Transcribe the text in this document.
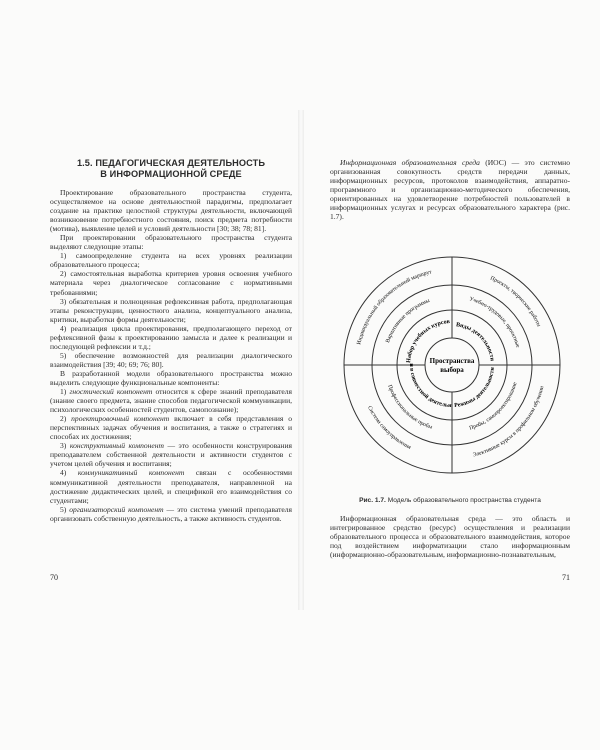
1.5. ПЕДАГОГИЧЕСКАЯ ДЕЯТЕЛЬНОСТЬ
В ИНФОРМАЦИОННОЙ СРЕДЕ

Проектирование образовательного пространства студента, осуществляемое на основе деятельностной парадигмы, предполагает создание на практике целостной структуры деятельности, включающей возникновение потребностного состояния, поиск предмета потребности (мотива), выявление целей и условий деятельности [30; 38; 78; 81].

При проектировании образовательного пространства студента выделяют следующие этапы:

1) самоопределение студента на всех уровнях реализации образовательного процесса;

2) самостоятельная выработка критериев уровня освоения учебного материала через диалогическое согласование с нормативными требованиями;

3) обязательная и полноценная рефлексивная работа, предполагающая этапы реконструкции, ценностного анализа, концептуального анализа, критики, выработки формы деятельности;

4) реализация цикла проектирования, предполагающего переход от рефлексивной фазы к проектированию замысла и далее к реализации и последующей рефлексии и т.д.;

5) обеспечение возможностей для реализации диалогического взаимодействия [39; 40; 69; 76; 80].

В разработанной модели образовательного пространства можно выделить следующие функциональные компоненты:

1) гностический компонент относится к сфере знаний преподавателя (знание своего предмета, знание способов педагогической коммуникации, психологических особенностей студентов, самопознание);

2) проектировочный компонент включает в себя представления о перспективных задачах обучения и воспитания, а также о стратегиях и способах их достижения;

3) конструктивный компонент — это особенности конструирования преподавателем собственной деятельности и активности студентов с учетом целей обучения и воспитания;

4) коммуникативный компонент связан с особенностями коммуникативной деятельности преподавателя, направленной на достижение дидактических целей, и спецификой его взаимодействия со студентами;

5) организаторский компонент — это система умений преподавателя организовать собственную деятельность, а также активность студентов.

70

Информационная образовательная среда (ИОС) — это системно организованная совокупность средств передачи данных, информационных ресурсов, протоколов взаимодействия, аппаратно-программного и организационно-методического обеспечения, ориентированных на удовлетворение потребностей пользователей в информационных услугах и ресурсах образовательного характера (рис. 1.7).

Пространства
выбора
Набор учебных курсов
Виды деятельности
и в совместной деятельн Режимы деятельности
Вариативные программы	Учебно-трудовые, проектные
Профессиональные пробы	Пробы, самопроектирование
Индивидуальный образовательный маршрут
Проекты, творческие работы
Система самоуправления
Элективные курсы в профильном обучении
Рис. 1.7. Модель образовательного пространства студента

Информационная образовательная среда — это область и интегрированное средство (ресурс) осуществления и реализации образовательного процесса и образовательного взаимодействия, которое под воздействием информатизации стало информационным (информационно-образовательным, информационно-познавательным,

71
